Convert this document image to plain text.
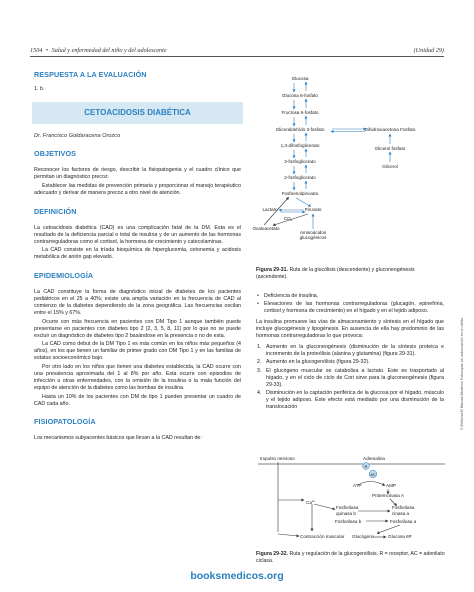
1504 • Salud y enfermedad del niño y del adolescente	(Unidad 29)
RESPUESTA A LA EVALUACIÓN
1. b.
CETOACIDOSIS DIABÉTICA
Dr. Francisco Goldaracena Orozco
OBJETIVOS

Reconocer los factores de riesgo, describir la fisiopatogenia y el cuadro clínico que permitan un diagnóstico precoz.

Establecer las medidas de prevención primaria y proporcionar el manejo terapéutico adecuado y derivar de manera precoz a otro nivel de atención.

DEFINICIÓN

La cetoacidosis diabética (CAD) es una complicación fatal de la DM. Esta es el resultado de la deficiencia parcial o total de insulina y de un aumento de las hormonas contrarreguladoras como el cortisol, la hormona de crecimiento y catecolaminas.

La CAD consiste en la tríada bioquímica de hiperglucemia, cetonemia y acidosis metabólica de anión gap elevado.

EPIDEMIOLOGÍA

La CAD constituye la forma de diagnóstico inicial de diabetes de los pacientes pediátricos en el 25 a 40%; existe una amplia variación en la frecuencia de CAD al comienzo de la diabetes dependiendo de la zona geográfica. Las frecuencias oscilan entre el 15% y 67%.

Ocurre con más frecuencia en pacientes con DM Tipo 1 aunque también puede presentarse en pacientes con diabetes tipo 2 (2, 3, 5, 8, 11) por lo que no se puede excluir un diagnóstico de diabetes tipo 2 basándose en la presencia o no de esta.

La CAD como debut de la DM Tipo 1 es más común en los niños más pequeños (4 años), en los que tienen un familiar de primer grado con DM Tipo 1 y en las familias de estatus socioeconómico bajo.

Por otro lado en los niños que tienen una diabetes establecida, la CAD ocurre con una prevalencia aproximada del 1 al 8% por año. Esta ocurre con episodios de infección u otras enfermedades, con la omisión de la insulina o la mala función del equipo de atención de la diabetes como las bombas de insulina.

Hasta un 10% de los pacientes con DM de tipo 1 pueden presentar un cuadro de CAD cada año.

FISIOPATOLOGÍA

Los mecanismos subyacentes básicos que llevan a la CAD resultan de:

Glucosa
Glucosa 6-fosfato
Fructosa 6-fosfato
Gliceraldehído 3-fosfato	Dihidroxiacetona Fosfato
1,3-difosfoglicerato
Glicerol fosfato
3-fosfoglicerato
Glicerol
2-fosfoglicerato
Fosfoenolpiruvato
Lactato	Piruvato
$CO_2$
Oxaloacetato
Aminoácidos
glucogénicos
Figura 29-31. Ruta de la glucólisis (descendente) y gluconeogénesis (ascendente).
• Deficiencia de insulina.
• Elevaciones de las hormonas contrarreguladoras (glucagón, epinefrina, cortisol y hormona de crecimiento) en el hígado y en el tejido adiposo.

La insulina promueve las vías de almacenamiento y síntesis en el hígado que incluye glucogénesis y lipogénesis. En ausencia de ella hay predominio de las hormonas contrarreguladoras lo que provoca:

1. Aumento en la gluconeogénesis (disminución de la síntesis proteica e incremento de la proteólisis (alanina y glutamina) (figura 29-31).
2. Aumento en la glucogenólisis (figura 29-32).
3. El glucógeno muscular se catabolisa a lactato. Este es trasportado al hígado, y en el ciclo de ciclo de Cori sirve para la gluconeogénesis (figura 29-33).
4. Disminución en la captación periférica de la glucosa por el hígado, músculo y el tejido adiposo. Este efecto está mediado por una disminución de la translocación
Impulso nervioso	Adrenalina
ATP	AMP
$Ca^{2+}$
Proteincinasa A
Fosforilasa
quinasa b
Fosforilasa
cinasa a
Fosforilasa b	Fosforilasa a
Contracción muscular Glucógeno	Glucosa 6P
R
AC
Figura 29-32. Ruta y regulación de la glucogenólisis. R = receptor, AC = adenilato ciclasa.
© Editorial El Manual Moderno Fotocopiar sin autorización es un delito.
booksmedicos.org
